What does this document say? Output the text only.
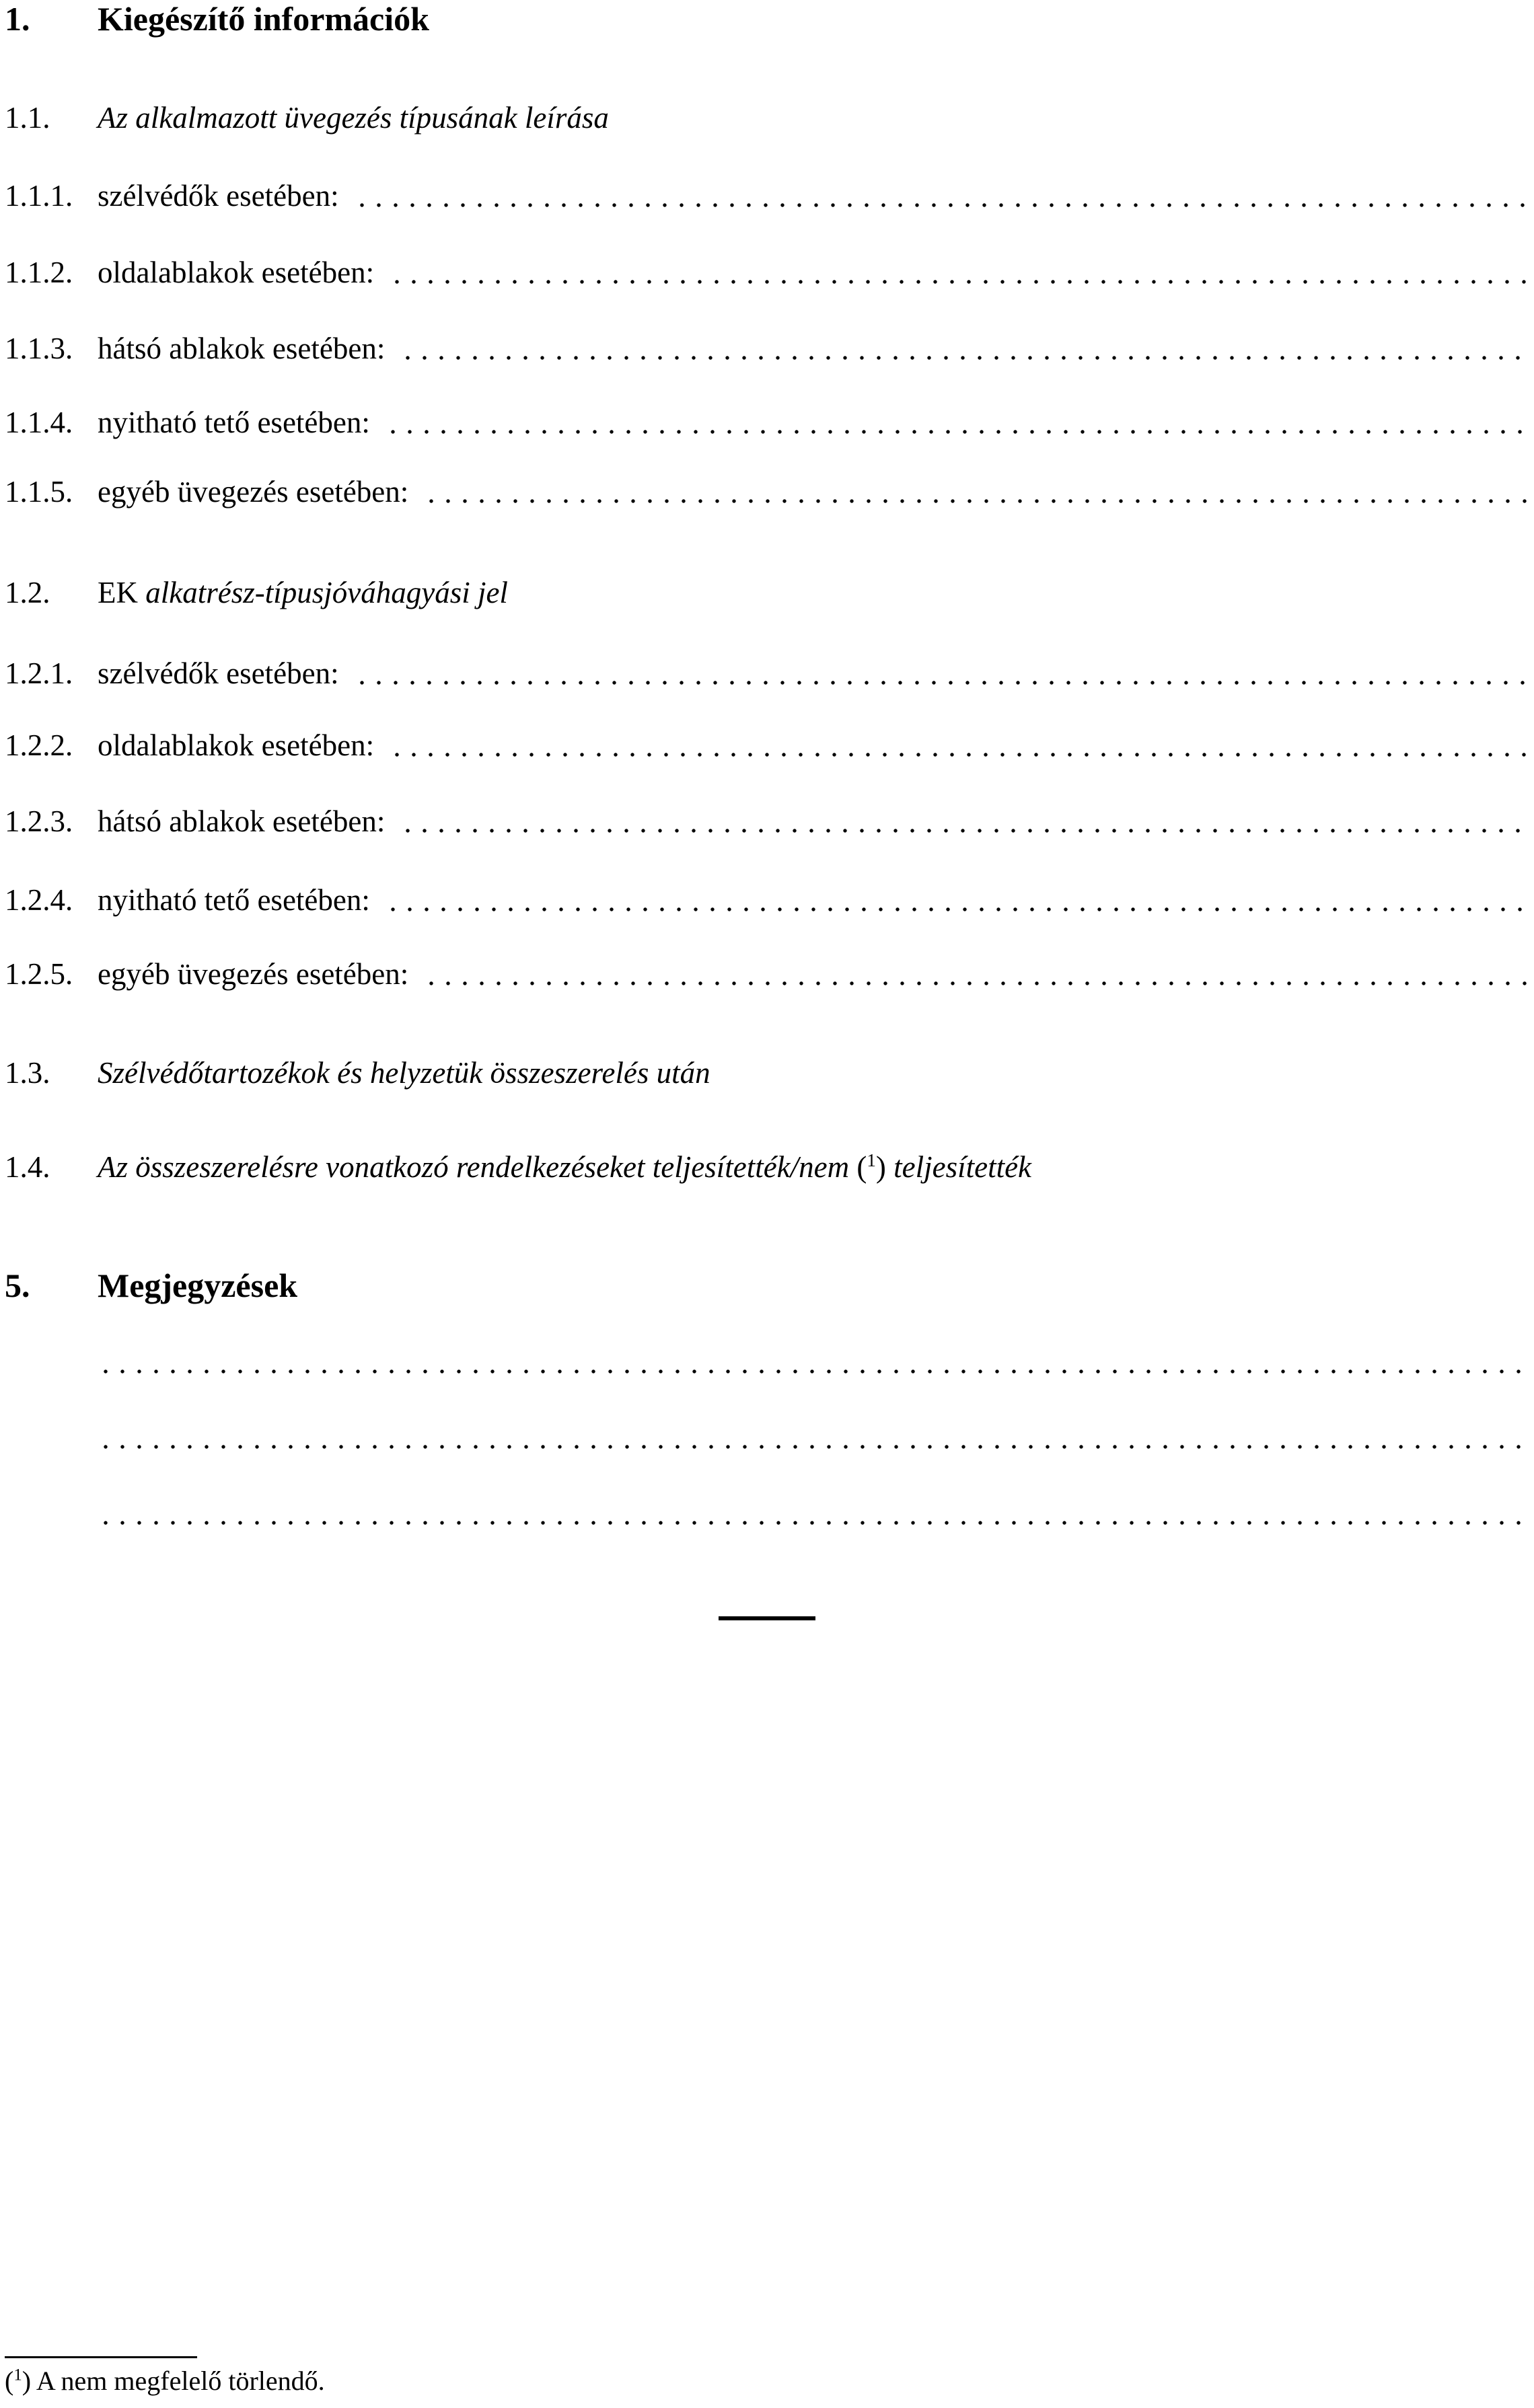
1.	Kiegészítő információk
1.1.	Az alkalmazott üvegezés típusának leírása
1.1.1. szélvédők esetében:
1.1.2. oldalablakok esetében:
1.1.3. hátsó ablakok esetében:
1.1.4. nyitható tető esetében:
1.1.5. egyéb üvegezés esetében:
1.2.	EK alkatrész-típusjóváhagyási jel
1.2.1. szélvédők esetében:
1.2.2. oldalablakok esetében:
1.2.3. hátsó ablakok esetében:
1.2.4. nyitható tető esetében:
1.2.5. egyéb üvegezés esetében:
1.3.	Szélvédőtartozékok és helyzetük összeszerelés után
1.4.	Az összeszerelésre vonatkozó rendelkezéseket teljesítették/nem ($^1$) teljesítették
5.	Megjegyzések
($^1$) A nem megfelelő törlendő.
